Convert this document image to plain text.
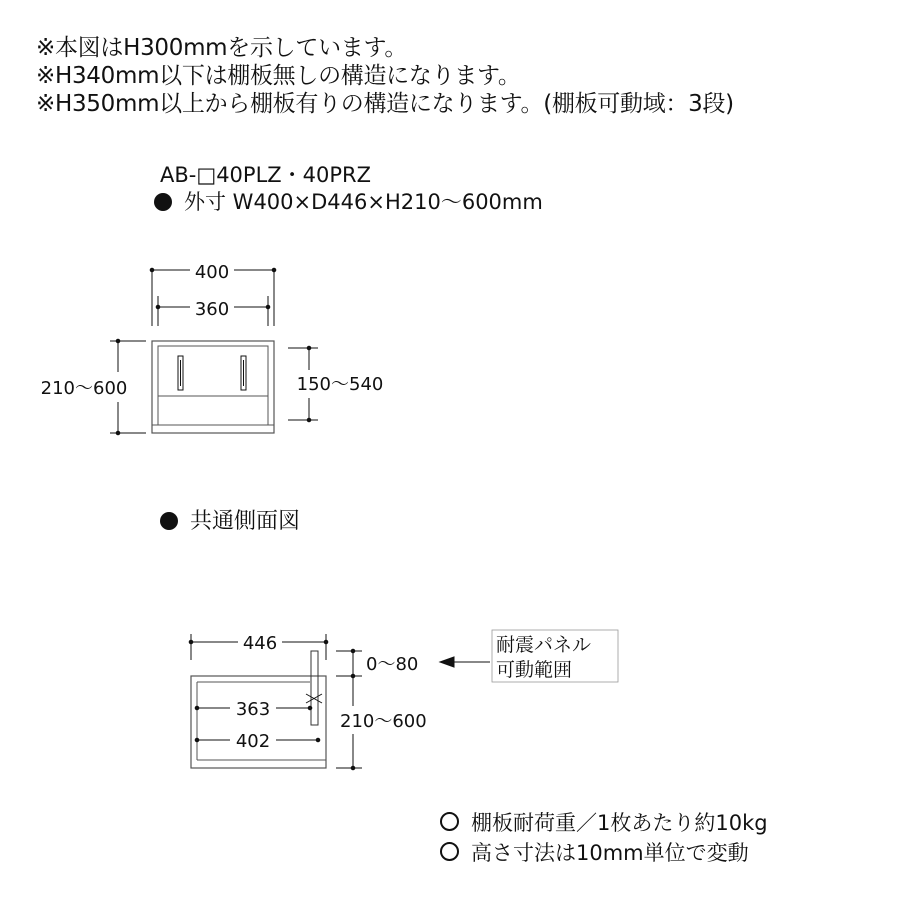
※本図はH300mmを示しています。
※H340mm以下は棚板無しの構造になります。
※H350mm以上から棚板有りの構造になります。(棚板可動域：3段)
AB-□40PLZ・40PRZ
外寸 W400×D446×H210～600mm
共通側面図
400
360
210～600	150～540
446
363
402
0～80
210～600
耐震パネル
可動範囲
棚板耐荷重／1枚あたり約10kg
高さ寸法は10mm単位で変動
